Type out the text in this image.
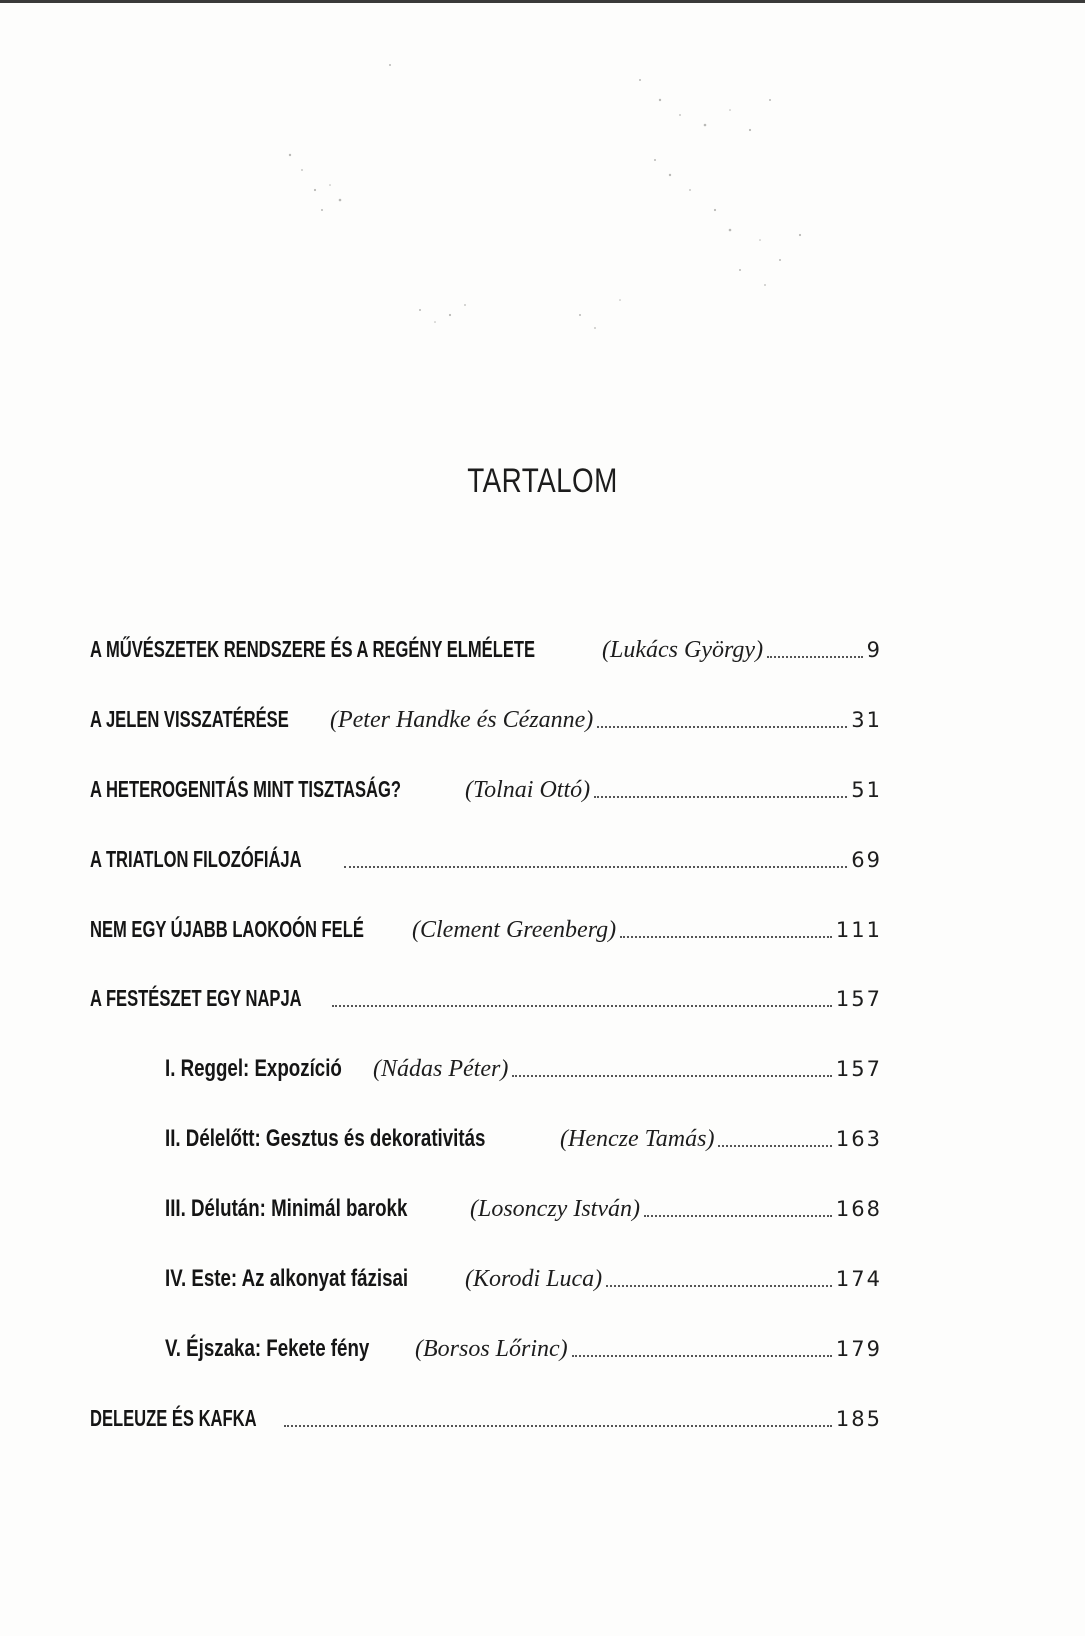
TARTALOM
A MŰVÉSZETEK RENDSZERE ÉS A REGÉNY ELMÉLETE	(Lukács György)	9
A JELEN VISSZATÉRÉSE	(Peter Handke és Cézanne)	31
A HETEROGENITÁS MINT TISZTASÁG?	(Tolnai Ottó)	51
A TRIATLON FILOZÓFIÁJA	69
NEM EGY ÚJABB LAOKOÓN FELÉ	(Clement Greenberg)	111
A FESTÉSZET EGY NAPJA	157
I. Reggel: Expozíció	(Nádas Péter)	157
II. Délelőtt: Gesztus és dekorativitás	(Hencze Tamás)	163
III. Délután: Minimál barokk	(Losonczy István)	168
IV. Este: Az alkonyat fázisai	(Korodi Luca)	174
V. Éjszaka: Fekete fény	(Borsos Lőrinc)	179
DELEUZE ÉS KAFKA	185
